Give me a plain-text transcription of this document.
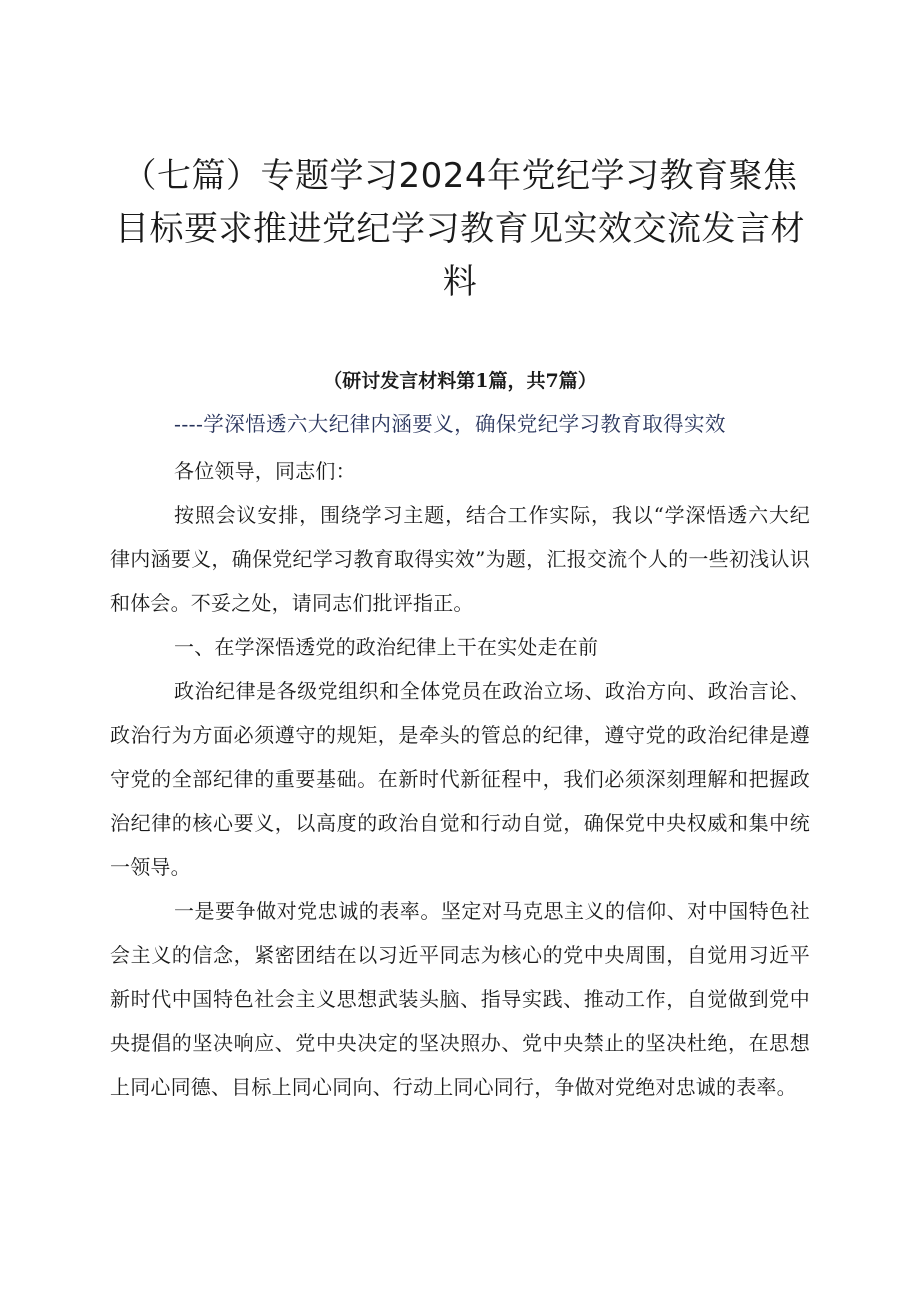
（七篇）专题学习2024年党纪学习教育聚焦
目标要求推进党纪学习教育见实效交流发言材
料

（研讨发言材料第1篇，共7篇）

----学深悟透六大纪律内涵要义，确保党纪学习教育取得实效

各位领导，同志们：

按照会议安排，围绕学习主题，结合工作实际，我以“学深悟透六大纪律内涵要义，确保党纪学习教育取得实效”为题，汇报交流个人的一些初浅认识和体会。不妥之处，请同志们批评指正。

一、在学深悟透党的政治纪律上干在实处走在前

政治纪律是各级党组织和全体党员在政治立场、政治方向、政治言论、政治行为方面必须遵守的规矩，是牵头的管总的纪律，遵守党的政治纪律是遵守党的全部纪律的重要基础。在新时代新征程中，我们必须深刻理解和把握政治纪律的核心要义，以高度的政治自觉和行动自觉，确保党中央权威和集中统一领导。

一是要争做对党忠诚的表率。坚定对马克思主义的信仰、对中国特色社会主义的信念，紧密团结在以习近平同志为核心的党中央周围，自觉用习近平新时代中国特色社会主义思想武装头脑、指导实践、推动工作，自觉做到党中央提倡的坚决响应、党中央决定的坚决照办、党中央禁止的坚决杜绝，在思想上同心同德、目标上同心同向、行动上同心同行，争做对党绝对忠诚的表率。
